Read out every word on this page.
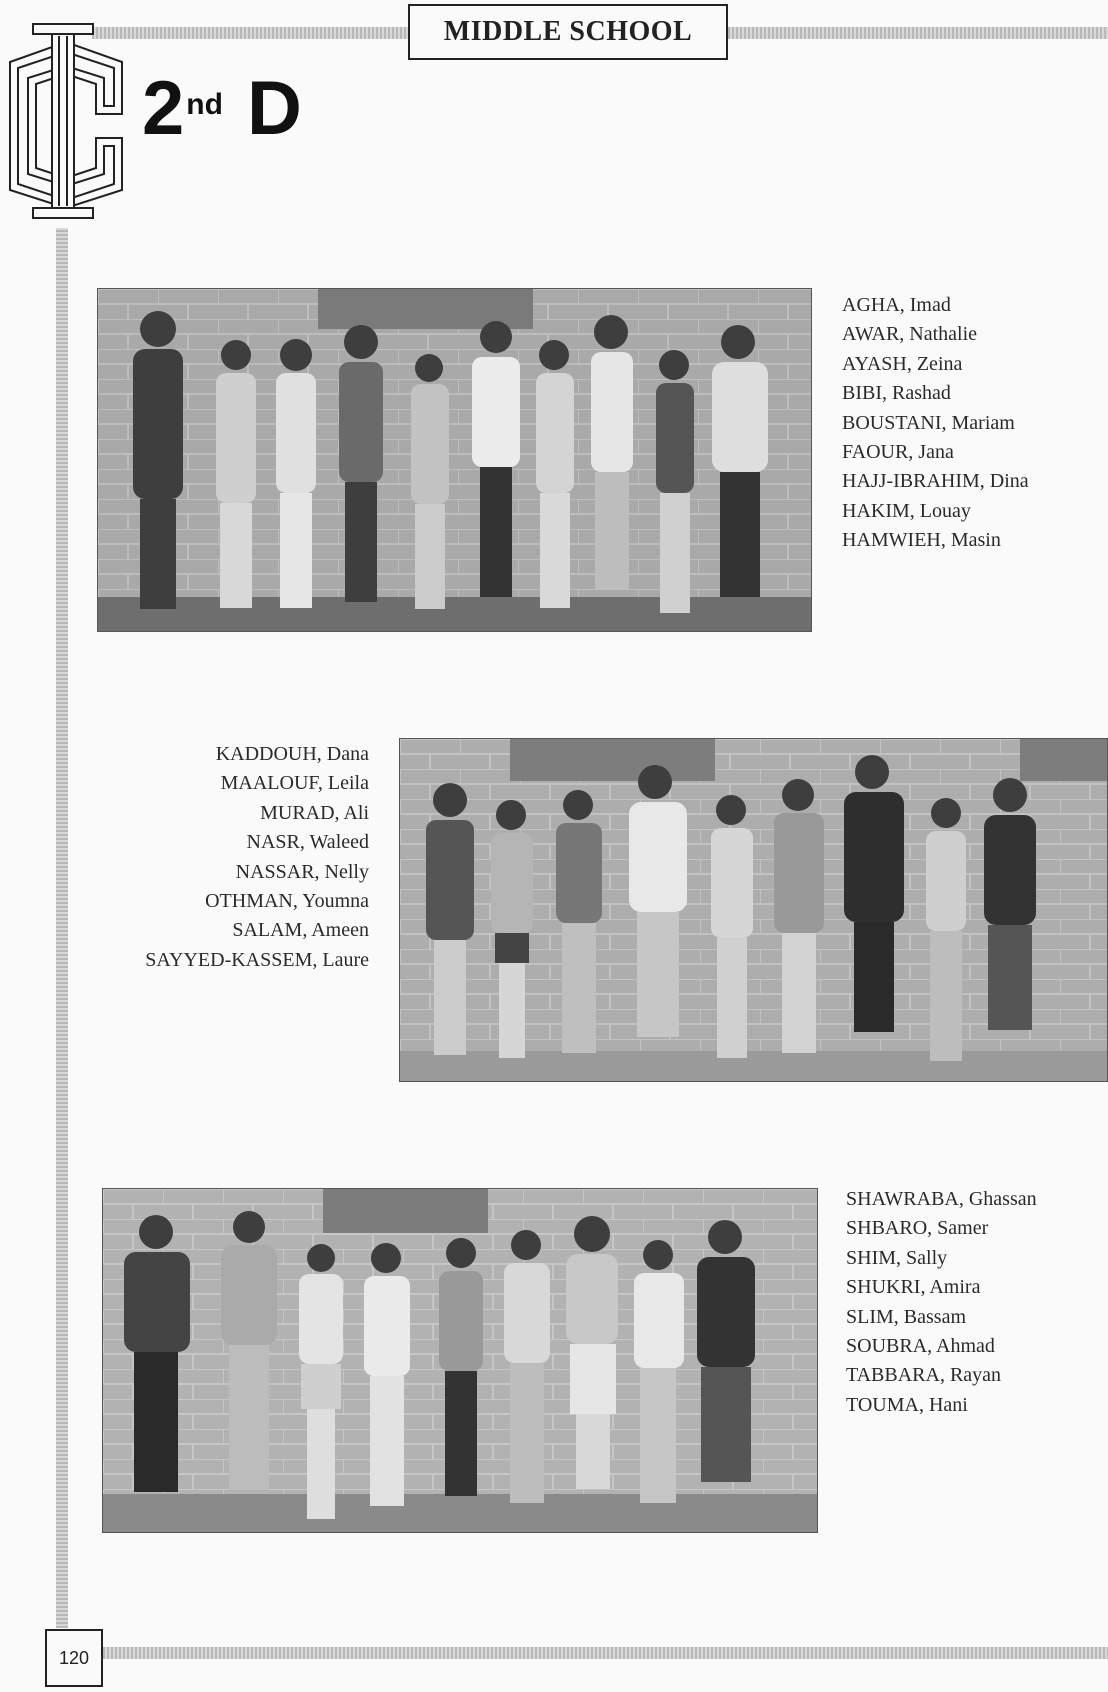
MIDDLE SCHOOL
2 nd D
AGHA, Imad
AWAR, Nathalie
AYASH, Zeina
BIBI, Rashad
BOUSTANI, Mariam
FAOUR, Jana
HAJJ-IBRAHIM, Dina
HAKIM, Louay
HAMWIEH, Masin
KADDOUH, Dana
MAALOUF, Leila
MURAD, Ali
NASR, Waleed
NASSAR, Nelly
OTHMAN, Youmna
SALAM, Ameen
SAYYED-KASSEM, Laure
SHAWRABA, Ghassan
SHBARO, Samer
SHIM, Sally
SHUKRI, Amira
SLIM, Bassam
SOUBRA, Ahmad
TABBARA, Rayan
TOUMA, Hani
120
